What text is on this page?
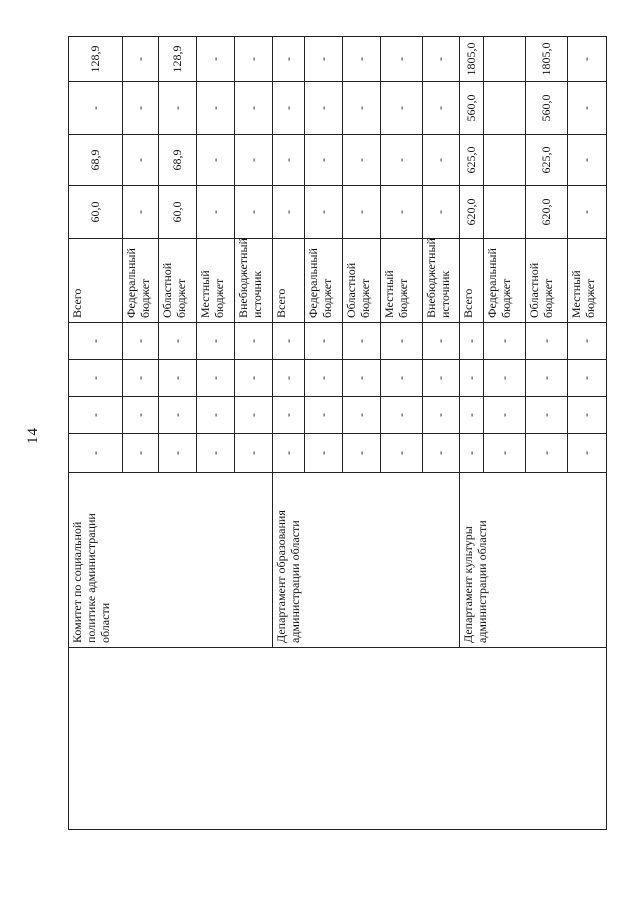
14
	Комитет по социальной политике администрации области	-	-	-	-	Всего	60,0	68,9	-	128,9
		-	-	-	-	Федеральный бюджет	-	-	-	-
		-	-	-	-	Областной бюджет	60,0	68,9	-	128,9
		-	-	-	-	Местный бюджет	-	-	-	-
		-	-	-	-	Внебюджетный источник	-	-	-	-
	Департамент образования администрации области	-	-	-	-	Всего	-	-	-	-
		-	-	-	-	Федеральный бюджет	-	-	-	-
		-	-	-	-	Областной бюджет	-	-	-	-
		-	-	-	-	Местный бюджет	-	-	-	-
		-	-	-	-	Внебюджетный источник	-	-	-	-
	Департамент культуры администрации области	-	-	-	-	Всего	620,0	625,0	560,0	1805,0
		-	-	-	-	Федеральный бюджет				
		-	-	-	-	Областной бюджет	620,0	625,0	560,0	1805,0
		-	-	-	-	Местный бюджет	-	-	-	-
